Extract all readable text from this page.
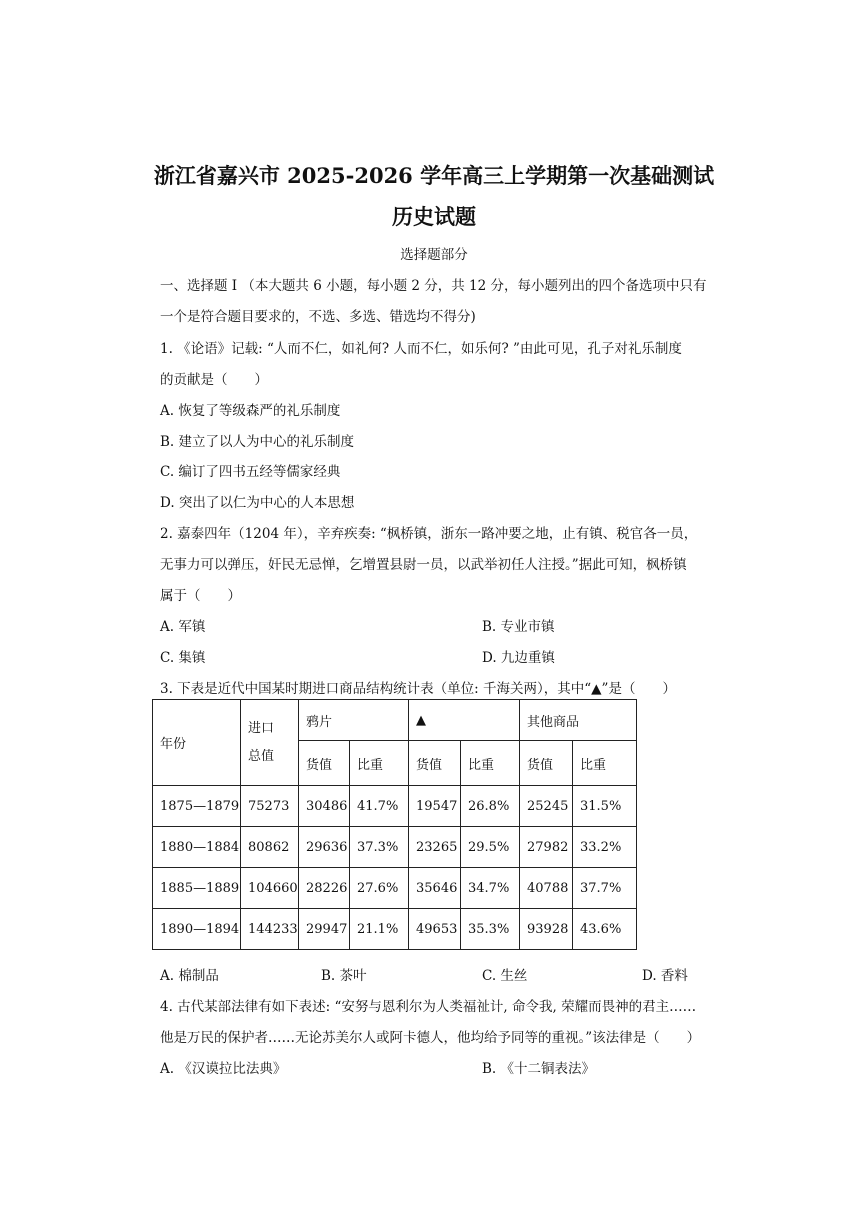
浙江省嘉兴市 2025-2026 学年高三上学期第一次基础测试
历史试题
选择题部分
一、选择题 I （本大题共 6 小题，每小题 2 分，共 12 分，每小题列出的四个备选项中只有
一个是符合题目要求的，不选、多选、错选均不得分)
1. 《论语》记载: “人而不仁，如礼何? 人而不仁，如乐何? ”由此可见，孔子对礼乐制度
的贡献是（　　）
A. 恢复了等级森严的礼乐制度
B. 建立了以人为中心的礼乐制度
C. 编订了四书五经等儒家经典
D. 突出了以仁为中心的人本思想
2. 嘉泰四年（1204 年），辛弃疾奏: “枫桥镇，浙东一路冲要之地，止有镇、税官各一员，
无事力可以弹压，奸民无忌惮，乞增置县尉一员，以武举初任人注授。”据此可知，枫桥镇
属于（　　）
A. 军镇	B. 专业市镇
C. 集镇	D. 九边重镇
3. 下表是近代中国某时期进口商品结构统计表（单位: 千海关两），其中“▲”是（　　）
年份	进口
总值	鸦片		▲		其他商品	
		货值	比重	货值	比重	货值	比重
1875—1879	75273	30486	41.7%	19547	26.8%	25245	31.5%
1880—1884	80862	29636	37.3%	23265	29.5%	27982	33.2%
1885—1889	104660	28226	27.6%	35646	34.7%	40788	37.7%
1890—1894	144233	29947	21.1%	49653	35.3%	93928	43.6%
A. 棉制品	B. 茶叶	C. 生丝	D. 香料
4. 古代某部法律有如下表述: “安努与恩利尔为人类福祉计, 命令我, 荣耀而畏神的君主……
他是万民的保护者……无论苏美尔人或阿卡德人，他均给予同等的重视。”该法律是（　　）
A. 《汉谟拉比法典》	B. 《十二铜表法》
